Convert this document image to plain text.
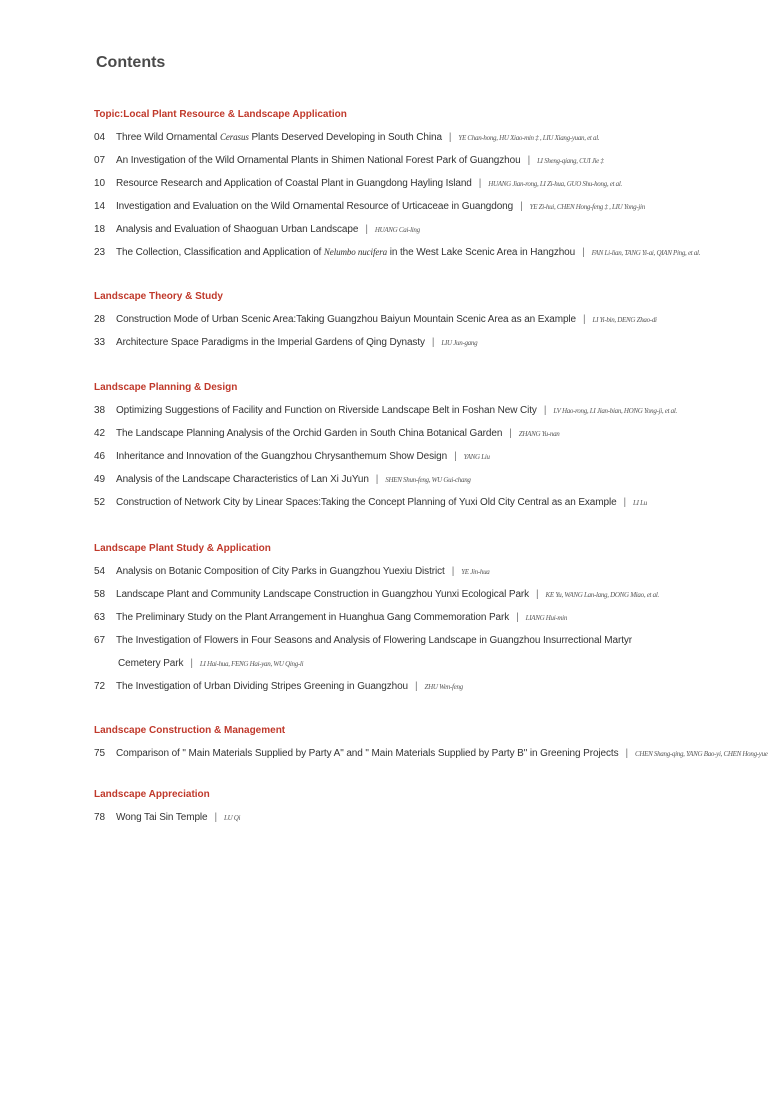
Contents
Topic:Local Plant Resource & Landscape Application
04 Three Wild Ornamental Cerasus Plants Deserved Developing in South China | YE Chan-hong, HU Xiao-min ‡ , LIU Xiang-yuan, et al.
07 An Investigation of the Wild Ornamental Plants in Shimen National Forest Park of Guangzhou | LI Sheng-qiang, CUI Jie ‡
10 Resource Research and Application of Coastal Plant in Guangdong Hayling Island | HUANG Jian-rong, LI Zi-hua, GUO Shu-hong, et al.
14 Investigation and Evaluation on the Wild Ornamental Resource of Urticaceae in Guangdong | YE Zi-hui, CHEN Hong-feng ‡ , LIU Yong-jin
18 Analysis and Evaluation of Shaoguan Urban Landscape | HUANG Cai-ling
23 The Collection, Classification and Application of Nelumbo nucifera in the West Lake Scenic Area in Hangzhou | FAN Li-lian, TANG Yi-ai, QIAN Ping, et al.
Landscape Theory & Study
28 Construction Mode of Urban Scenic Area:Taking Guangzhou Baiyun Mountain Scenic Area as an Example | LI Yi-bin, DENG Zhao-di
33 Architecture Space Paradigms in the Imperial Gardens of Qing Dynasty | LIU Jun-gang
Landscape Planning & Design
38 Optimizing Suggestions of Facility and Function on Riverside Landscape Belt in Foshan New City | LV Hao-rong, LI Jian-bian, HONG Yong-ji, et al.
42 The Landscape Planning Analysis of the Orchid Garden in South China Botanical Garden | ZHANG Yu-nan
46 Inheritance and Innovation of the Guangzhou Chrysanthemum Show Design | YANG Liu
49 Analysis of the Landscape Characteristics of Lan Xi JuYun | SHEN Shun-feng, WU Gui-chang
52 Construction of Network City by Linear Spaces:Taking the Concept Planning of Yuxi Old City Central as an Example | LI Lu
Landscape Plant Study & Application
54 Analysis on Botanic Composition of City Parks in Guangzhou Yuexiu District | YE Jin-hua
58 Landscape Plant and Community Landscape Construction in Guangzhou Yunxi Ecological Park | KE Yu, WANG Lan-lang, DONG Miao, et al.
63 The Preliminary Study on the Plant Arrangement in Huanghua Gang Commemoration Park | LIANG Hui-min
67 The Investigation of Flowers in Four Seasons and Analysis of Flowering Landscape in Guangzhou Insurrectional Martyr
Cemetery Park | LI Hai-hua, FENG Hai-yan, WU Qing-li
72 The Investigation of Urban Dividing Stripes Greening in Guangzhou | ZHU Wen-feng
Landscape Construction & Management
75 Comparison of " Main Materials Supplied by Party A" and " Main Materials Supplied by Party B" in Greening Projects | CHEN Shang-qing, YANG Bao-yi, CHEN Hong-yue
Landscape Appreciation
78 Wong Tai Sin Temple | LU Qi
